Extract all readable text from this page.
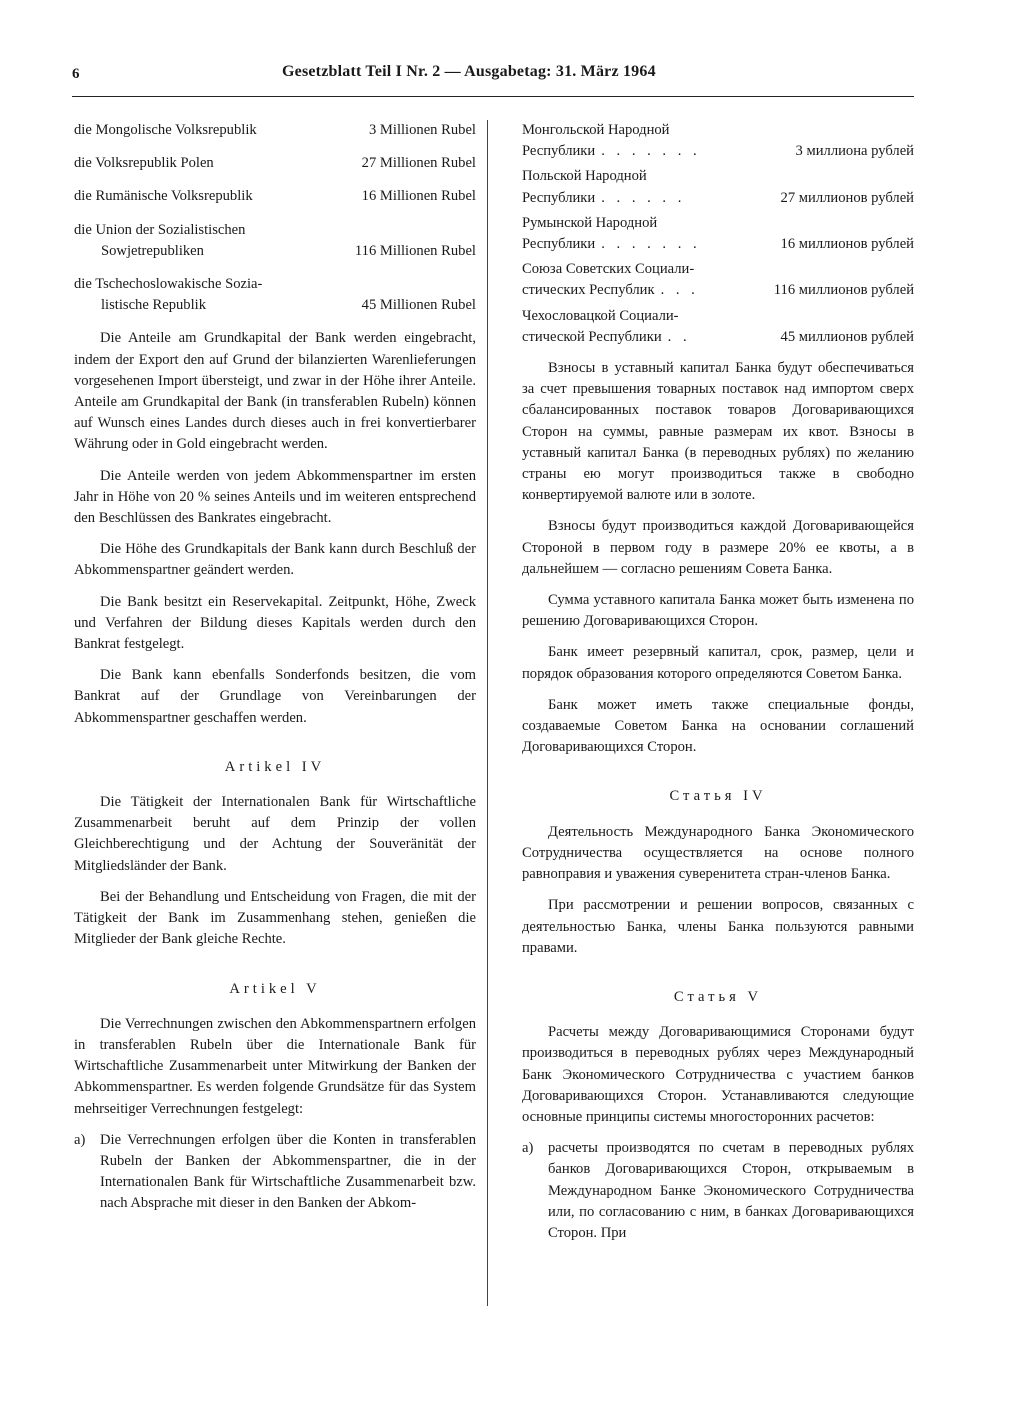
6	Gesetzblatt Teil I Nr. 2 — Ausgabetag: 31. März 1964
die Mongolische Volksrepublik	3 Millionen Rubel
die Volksrepublik Polen	27 Millionen Rubel
die Rumänische Volksrepublik	16 Millionen Rubel
die Union der Sozialistischen
Sowjetrepubliken	116 Millionen Rubel
die Tschechoslowakische Sozia-
listische Republik	45 Millionen Rubel

Die Anteile am Grundkapital der Bank werden eingebracht, indem der Export den auf Grund der bilanzierten Warenlieferungen vorgesehenen Import übersteigt, und zwar in der Höhe ihrer Anteile. Anteile am Grundkapital der Bank (in transferablen Rubeln) können auf Wunsch eines Landes durch dieses auch in frei konvertierbarer Währung oder in Gold eingebracht werden.

Die Anteile werden von jedem Abkommenspartner im ersten Jahr in Höhe von 20 % seines Anteils und im weiteren entsprechend den Beschlüssen des Bankrates eingebracht.

Die Höhe des Grundkapitals der Bank kann durch Beschluß der Abkommenspartner geändert werden.

Die Bank besitzt ein Reservekapital. Zeitpunkt, Höhe, Zweck und Verfahren der Bildung dieses Kapitals werden durch den Bankrat festgelegt.

Die Bank kann ebenfalls Sonderfonds besitzen, die vom Bankrat auf der Grundlage von Vereinbarungen der Abkommenspartner geschaffen werden.

Artikel IV

Die Tätigkeit der Internationalen Bank für Wirtschaftliche Zusammenarbeit beruht auf dem Prinzip der vollen Gleichberechtigung und der Achtung der Souveränität der Mitgliedsländer der Bank.

Bei der Behandlung und Entscheidung von Fragen, die mit der Tätigkeit der Bank im Zusammenhang stehen, genießen die Mitglieder der Bank gleiche Rechte.

Artikel V

Die Verrechnungen zwischen den Abkommenspartnern erfolgen in transferablen Rubeln über die Internationale Bank für Wirtschaftliche Zusammenarbeit unter Mitwirkung der Banken der Abkommenspartner. Es werden folgende Grundsätze für das System mehrseitiger Verrechnungen festgelegt:

a)	Die Verrechnungen erfolgen über die Konten in transferablen Rubeln der Banken der Abkommenspartner, die in der Internationalen Bank für Wirtschaftliche Zusammenarbeit bzw. nach Absprache mit dieser in den Banken der Abkom-
Монгольской Народной
Республики . . . . . . .	3 миллиона рублей
Польской Народной
Республики . . . . . .	27 миллионов рублей
Румынской Народной
Республики . . . . . . .	16 миллионов рублей
Союза Советских Социали-
стических Республик . . .	116 миллионов рублей
Чехословацкой Социали-
стической Республики . .	45 миллионов рублей

Взносы в уставный капитал Банка будут обеспечиваться за счет превышения товарных поставок над импортом сверх сбалансированных поставок товаров Договаривающихся Сторон на суммы, равные размерам их квот. Взносы в уставный капитал Банка (в переводных рублях) по желанию страны ею могут производиться также в свободно конвертируемой валюте или в золоте.

Взносы будут производиться каждой Договаривающейся Стороной в первом году в размере 20% ее квоты, а в дальнейшем — согласно решениям Совета Банка.

Сумма уставного капитала Банка может быть изменена по решению Договаривающихся Сторон.

Банк имеет резервный капитал, срок, размер, цели и порядок образования которого определяются Советом Банка.

Банк может иметь также специальные фонды, создаваемые Советом Банка на основании соглашений Договаривающихся Сторон.

Статья IV

Деятельность Международного Банка Экономического Сотрудничества осуществляется на основе полного равноправия и уважения суверенитета стран-членов Банка.

При рассмотрении и решении вопросов, связанных с деятельностью Банка, члены Банка пользуются равными правами.

Статья V

Расчеты между Договаривающимися Сторонами будут производиться в переводных рублях через Международный Банк Экономического Сотрудничества с участием банков Договаривающихся Сторон. Устанавливаются следующие основные принципы системы многосторонних расчетов:

а)	расчеты производятся по счетам в переводных рублях банков Договаривающихся Сторон, открываемым в Международном Банке Экономического Сотрудничества или, по согласованию с ним, в банках Договаривающихся Сторон. При
